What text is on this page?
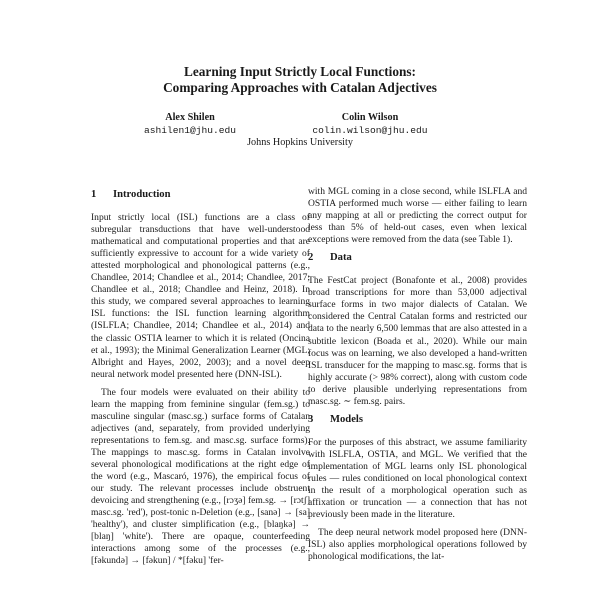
Learning Input Strictly Local Functions:
Comparing Approaches with Catalan Adjectives
Alex Shilen
ashilen1@jhu.edu
Colin Wilson
colin.wilson@jhu.edu
Johns Hopkins University
1 Introduction

Input strictly local (ISL) functions are a class of subregular transductions that have well-understood mathematical and computational properties and that are sufficiently expressive to account for a wide variety of attested morphological and phonological patterns (e.g., Chandlee, 2014; Chandlee et al., 2014; Chandlee, 2017; Chandlee et al., 2018; Chandlee and Heinz, 2018). In this study, we compared several approaches to learning ISL functions: the ISL function learning algorithm (ISLFLA; Chandlee, 2014; Chandlee et al., 2014) and the classic OSTIA learner to which it is related (Oncina et al., 1993); the Minimal Generalization Learner (MGL; Albright and Hayes, 2002, 2003); and a novel deep neural network model presented here (DNN-ISL).

The four models were evaluated on their ability to learn the mapping from feminine singular (fem.sg.) to masculine singular (masc.sg.) surface forms of Catalan adjectives (and, separately, from provided underlying representations to fem.sg. and masc.sg. surface forms). The mappings to masc.sg. forms in Catalan involve several phonological modifications at the right edge of the word (e.g., Mascaró, 1976), the empirical focus of our study. The relevant processes include obstruent devoicing and strengthening (e.g., [rɔʒə] fem.sg. → [rɔtʃ] masc.sg. 'red'), post-tonic n-Deletion (e.g., [sanə] → [sa] 'healthy'), and cluster simplification (e.g., [blaŋkə] → [blaŋ] 'white'). There are opaque, counterfeeding interactions among some of the processes (e.g., [fəkundə] → [fəkun] / *[fəku] 'fer-

with MGL coming in a close second, while ISLFLA and OSTIA performed much worse — either failing to learn any mapping at all or predicting the correct output for less than 5% of held-out cases, even when lexical exceptions were removed from the data (see Table 1).

2 Data

The FestCat project (Bonafonte et al., 2008) provides broad transcriptions for more than 53,000 adjectival surface forms in two major dialects of Catalan. We considered the Central Catalan forms and restricted our data to the nearly 6,500 lemmas that are also attested in a subtitle lexicon (Boada et al., 2020). While our main focus was on learning, we also developed a hand-written ISL transducer for the mapping to masc.sg. forms that is highly accurate (> 98% correct), along with custom code to derive plausible underlying representations from masc.sg. ∼ fem.sg. pairs.

3 Models

For the purposes of this abstract, we assume familiarity with ISLFLA, OSTIA, and MGL. We verified that the implementation of MGL learns only ISL phonological rules — rules conditioned on local phonological context in the result of a morphological operation such as affixation or truncation — a connection that has not previously been made in the literature.

The deep neural network model proposed here (DNN-ISL) also applies morphological operations followed by phonological modifications, the lat-
